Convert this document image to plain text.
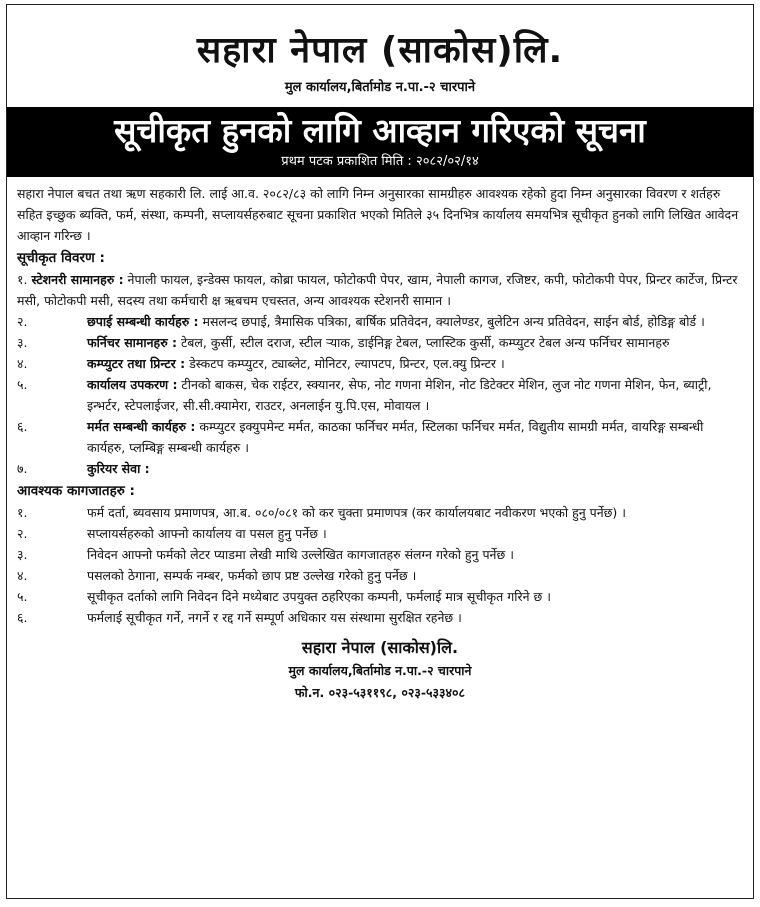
सहारा नेपाल (साकोस)लि.
मुल कार्यालय,बिर्तामोड न.पा.-२ चारपाने
सूचीकृत हुनको लागि आव्हान गरिएको सूचना
प्रथम पटक प्रकाशित मिति : २०८२/०२/१४

सहारा नेपाल बचत तथा ऋण सहकारी लि. लाई आ.व. २०८२/८३ को लागि निम्न अनुसारका सामग्रीहरु आवश्यक रहेको हुदा निम्न अनुसारका विवरण र शर्तहरु सहित इच्छुक ब्यक्ति, फर्म, संस्था, कम्पनी, सप्लायर्सहरुबाट सूचना प्रकाशित भएको मितिले ३५ दिनभित्र कार्यालय समयभित्र सूचीकृत हुनको लागि लिखित आवेदन आव्हान गरिन्छ ।

सूचीकृत विवरण :
१. स्टेशनरी सामानहरु : नेपाली फायल, इन्डेक्स फायल, कोब्रा फायल, फोटोकपी पेपर, खाम, नेपाली कागज, रजिष्टर, कपी, फोटोकपी पेपर, प्रिन्टर कार्टेज, प्रिन्टर मसी, फोटोकपी मसी, सदस्य तथा कर्मचारी क्ष ऋबचम एचस्तत, अन्य आवश्यक स्टेशनरी सामान ।
२.	छपाई सम्बन्धी कार्यहरु : मसलन्द छपाई, त्रैमासिक पत्रिका, बार्षिक प्रतिवेदन, क्यालेण्डर, बुलेटिन अन्य प्रतिवेदन, साईन बोर्ड, होडिङ्ग बोर्ड ।
३.	फर्निचर सामानहरु : टेबल, कुर्सी, स्टील दराज, स्टील र्‍याक, डाईनिङ्ग टेबल, प्लास्टिक कुर्सी, कम्प्युटर टेबल अन्य फर्निचर सामानहरु
४.	कम्प्युटर तथा प्रिन्टर : डेस्कटप कम्प्युटर, ट्याब्लेट, मोनिटर, ल्यापटप, प्रिन्टर, एल.क्यु प्रिन्टर ।
५.	कार्यालय उपकरण : टीनको बाकस, चेक राईटर, स्क्यानर, सेफ, नोट गणना मेशिन, नोट डिटेक्टर मेशिन, लुज नोट गणना मेशिन, फेन, ब्याट्री, इन्भर्टर, स्टेपलाईजर, सी.सी.क्यामेरा, राउटर, अनलाईन यु.पि.एस, मोवायल ।
६.	मर्मत सम्बन्धी कार्यहरु : कम्प्युटर इक्युपमेन्ट मर्मत, काठका फर्निचर मर्मत, स्टिलका फर्निचर मर्मत, विद्युतीय सामग्री मर्मत, वायरिङ्ग सम्बन्धी कार्यहरु, प्लम्बिङ्ग सम्बन्धी कार्यहरु ।
७.	कुरियर सेवा :
आवश्यक कागजातहरु :
१.	फर्म दर्ता, ब्यवसाय प्रमाणपत्र, आ.ब. ०८०/०८१ को कर चुक्ता प्रमाणपत्र (कर कार्यालयबाट नवीकरण भएको हुनु पर्नेछ) ।
२.	सप्लायर्सहरुको आफ्नो कार्यालय वा पसल हुनु पर्नेछ ।
३.	निवेदन आफ्नो फर्मको लेटर प्याडमा लेखी माथि उल्लेखित कागजातहरु संलग्न गरेको हुनु पर्नेछ ।
४.	पसलको ठेगाना, सम्पर्क नम्बर, फर्मको छाप प्रष्ट उल्लेख गरेको हुनु पर्नेछ ।
५.	सूचीकृत दर्ताको लागि निवेदन दिने मध्येबाट उपयुक्त ठहरिएका कम्पनी, फर्मलाई मात्र सूचीकृत गरिने छ ।
६.	फर्मलाई सूचीकृत गर्ने, नगर्ने र रद्द गर्ने सम्पूर्ण अधिकार यस संस्थामा सुरक्षित रहनेछ ।
सहारा नेपाल (साकोस)लि.
मुल कार्यालय,बिर्तामोड न.पा.-२ चारपाने
फो.न. ०२३-५३११९८, ०२३-५३३४०८
